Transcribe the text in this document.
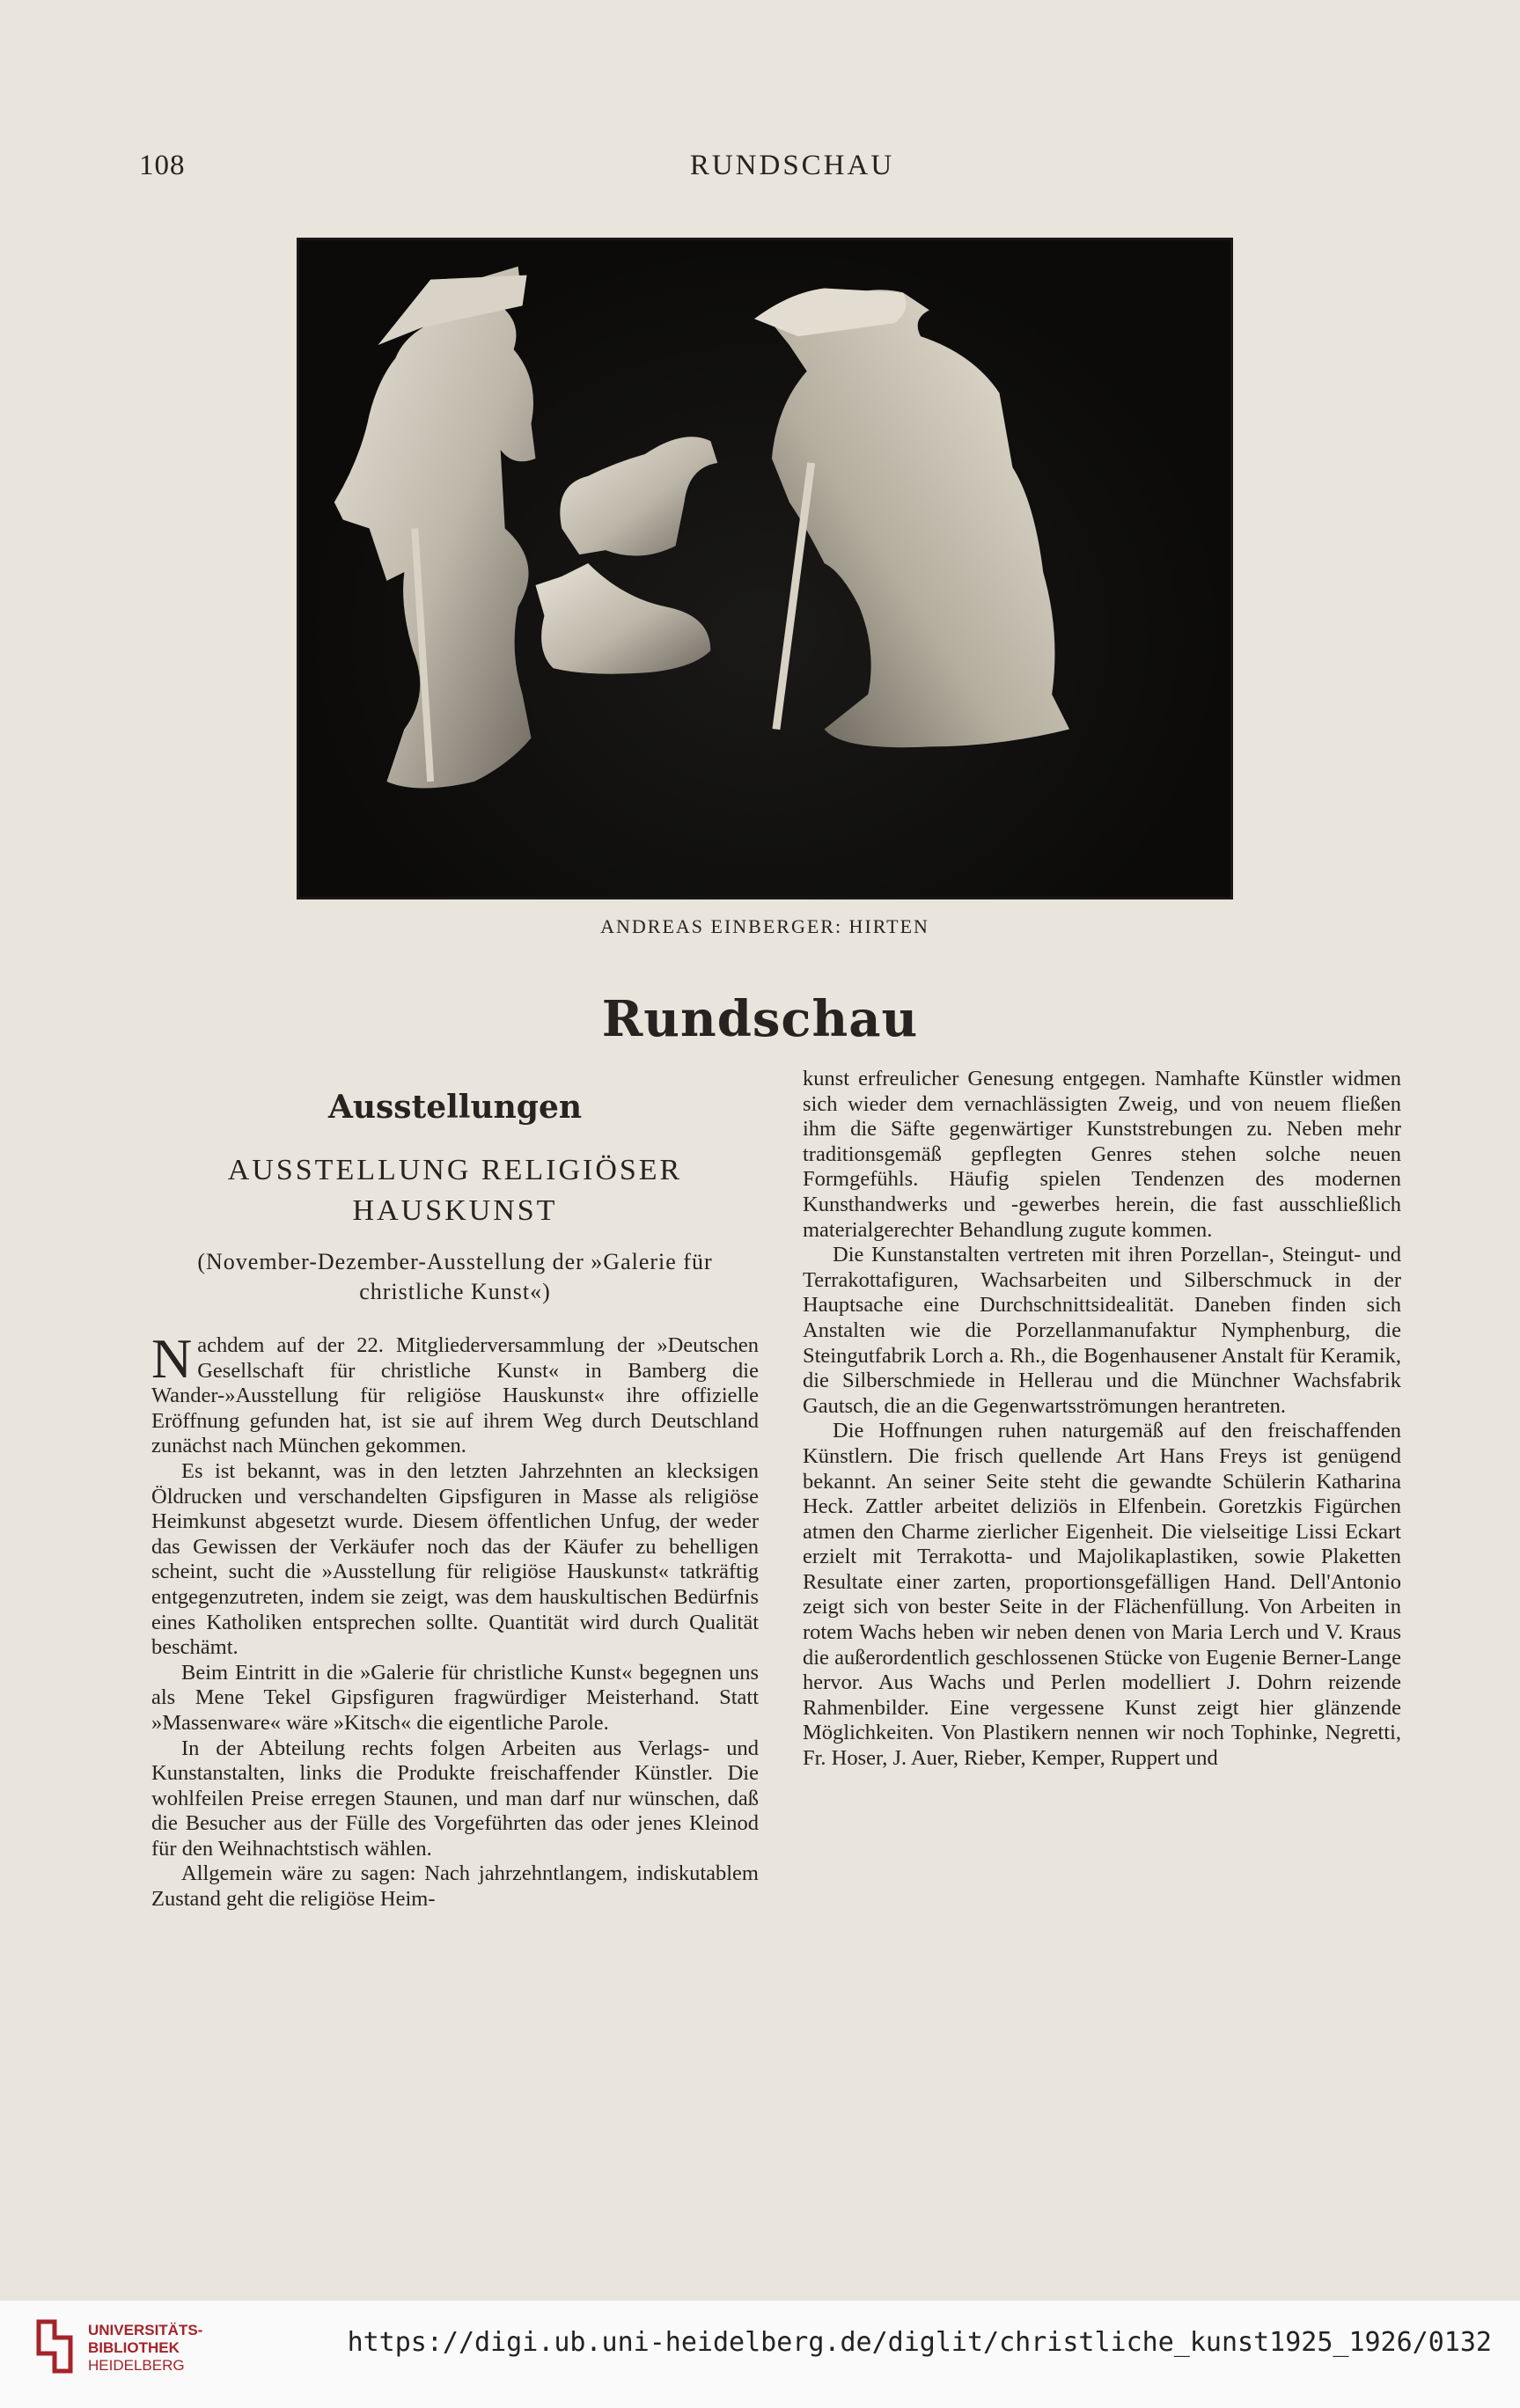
108	RUNDSCHAU
ANDREAS EINBERGER: HIRTEN
Rundschau
Ausstellungen
AUSSTELLUNG RELIGIÖSER HAUSKUNST
(November-Dezember-Ausstellung der »Galerie für christliche Kunst«)

Nachdem auf der 22. Mitgliederversammlung der »Deutschen Gesellschaft für christliche Kunst« in Bamberg die Wander-»Ausstellung für religiöse Hauskunst« ihre offizielle Eröffnung gefunden hat, ist sie auf ihrem Weg durch Deutschland zunächst nach München gekommen.

Es ist bekannt, was in den letzten Jahrzehnten an klecksigen Öldrucken und verschandelten Gipsfiguren in Masse als religiöse Heimkunst abgesetzt wurde. Diesem öffentlichen Unfug, der weder das Gewissen der Verkäufer noch das der Käufer zu behelligen scheint, sucht die »Ausstellung für religiöse Hauskunst« tatkräftig entgegenzutreten, indem sie zeigt, was dem hauskultischen Bedürfnis eines Katholiken entsprechen sollte. Quantität wird durch Qualität beschämt.

Beim Eintritt in die »Galerie für christliche Kunst« begegnen uns als Mene Tekel Gipsfiguren fragwürdiger Meisterhand. Statt »Massenware« wäre »Kitsch« die eigentliche Parole.

In der Abteilung rechts folgen Arbeiten aus Verlags- und Kunstanstalten, links die Produkte freischaffender Künstler. Die wohlfeilen Preise erregen Staunen, und man darf nur wünschen, daß die Besucher aus der Fülle des Vorgeführten das oder jenes Kleinod für den Weihnachtstisch wählen.

Allgemein wäre zu sagen: Nach jahrzehntlangem, indiskutablem Zustand geht die religiöse Heim-

kunst erfreulicher Genesung entgegen. Namhafte Künstler widmen sich wieder dem vernachlässigten Zweig, und von neuem fließen ihm die Säfte gegenwärtiger Kunststrebungen zu. Neben mehr traditionsgemäß gepflegten Genres stehen solche neuen Formgefühls. Häufig spielen Tendenzen des modernen Kunsthandwerks und -gewerbes herein, die fast ausschließlich materialgerechter Behandlung zugute kommen.

Die Kunstanstalten vertreten mit ihren Porzellan-, Steingut- und Terrakottafiguren, Wachsarbeiten und Silberschmuck in der Hauptsache eine Durchschnittsidealität. Daneben finden sich Anstalten wie die Porzellanmanufaktur Nymphenburg, die Steingutfabrik Lorch a. Rh., die Bogenhausener Anstalt für Keramik, die Silberschmiede in Hellerau und die Münchner Wachsfabrik Gautsch, die an die Gegenwartsströmungen herantreten.

Die Hoffnungen ruhen naturgemäß auf den freischaffenden Künstlern. Die frisch quellende Art Hans Freys ist genügend bekannt. An seiner Seite steht die gewandte Schülerin Katharina Heck. Zattler arbeitet deliziös in Elfenbein. Goretzkis Figürchen atmen den Charme zierlicher Eigenheit. Die vielseitige Lissi Eckart erzielt mit Terrakotta- und Majolikaplastiken, sowie Plaketten Resultate einer zarten, proportionsgefälligen Hand. Dell'Antonio zeigt sich von bester Seite in der Flächenfüllung. Von Arbeiten in rotem Wachs heben wir neben denen von Maria Lerch und V. Kraus die außerordentlich geschlossenen Stücke von Eugenie Berner-Lange hervor. Aus Wachs und Perlen modelliert J. Dohrn reizende Rahmenbilder. Eine vergessene Kunst zeigt hier glänzende Möglichkeiten. Von Plastikern nennen wir noch Tophinke, Negretti, Fr. Hoser, J. Auer, Rieber, Kemper, Ruppert und

UNIVERSITÄTS-
BIBLIOTHEK
HEIDELBERG
https://digi.ub.uni-heidelberg.de/diglit/christliche_kunst1925_1926/0132
